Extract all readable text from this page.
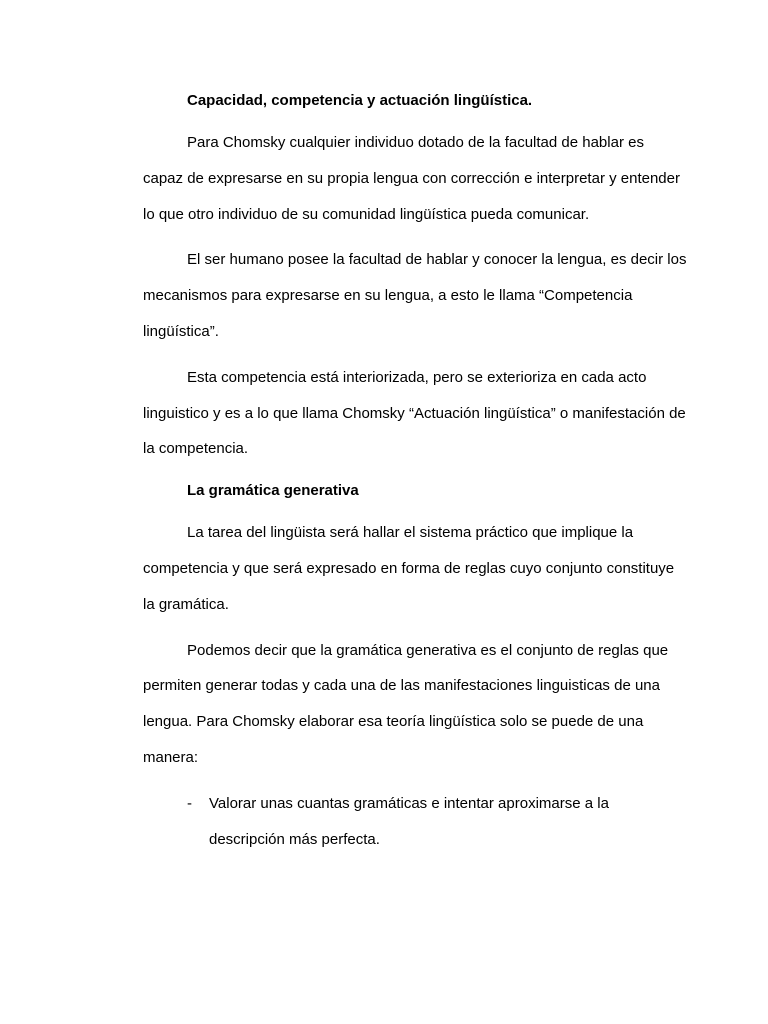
Capacidad, competencia y actuación lingüística.

Para Chomsky cualquier individuo dotado de la facultad de hablar es capaz de expresarse en su propia lengua con corrección e interpretar y entender lo que otro individuo de su comunidad lingüística pueda comunicar.

El ser humano posee la facultad de hablar y conocer la lengua, es decir los mecanismos para expresarse en su lengua, a esto le llama “Competencia lingüística”.

Esta competencia está interiorizada, pero se exterioriza en cada acto linguistico y es a lo que llama Chomsky “Actuación lingüística” o manifestación de la competencia.

La gramática generativa

La tarea del lingüista será hallar el sistema práctico que implique la competencia y que será expresado en forma de reglas cuyo conjunto constituye la gramática.

Podemos decir que la gramática generativa es el conjunto de reglas que permiten generar todas y cada una de las manifestaciones linguisticas de una lengua. Para Chomsky elaborar esa teoría lingüística solo se puede de una manera:

- Valorar unas cuantas gramáticas e intentar aproximarse a la descripción más perfecta.
